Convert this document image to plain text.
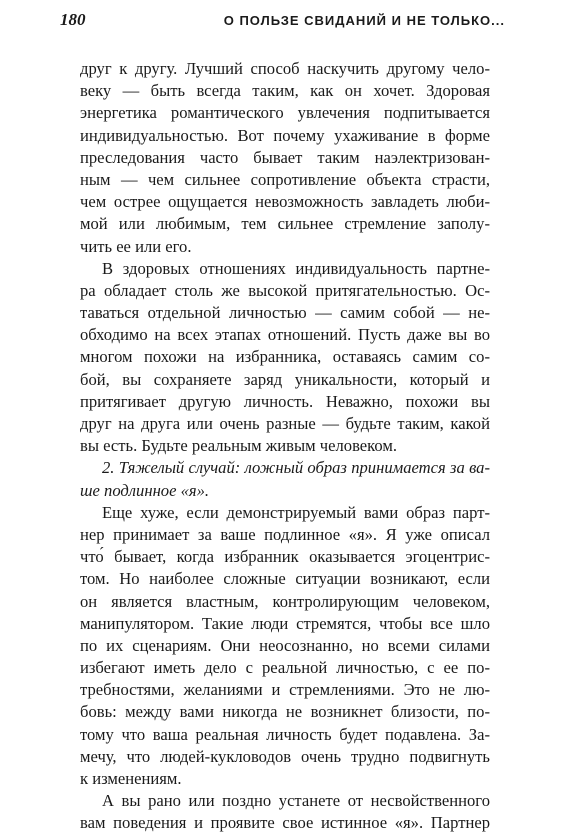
180	О ПОЛЬЗЕ СВИДАНИЙ И НЕ ТОЛЬКО...
друг к другу. Лучший способ наскучить другому чело-
веку — быть всегда таким, как он хочет. Здоровая
энергетика романтического увлечения подпитывается
индивидуальностью. Вот почему ухаживание в форме
преследования часто бывает таким наэлектризован-
ным — чем сильнее сопротивление объекта страсти,
чем острее ощущается невозможность завладеть люби-
мой или любимым, тем сильнее стремление заполу-
чить ее или его.
В здоровых отношениях индивидуальность партне-
ра обладает столь же высокой притягательностью. Ос-
таваться отдельной личностью — самим собой — не-
обходимо на всех этапах отношений. Пусть даже вы во
многом похожи на избранника, оставаясь самим со-
бой, вы сохраняете заряд уникальности, который и
притягивает другую личность. Неважно, похожи вы
друг на друга или очень разные — будьте таким, какой
вы есть. Будьте реальным живым человеком.
2. Тяжелый случай: ложный образ принимается за ва-
ше подлинное «я».
Еще хуже, если демонстрируемый вами образ парт-
нер принимает за ваше подлинное «я». Я уже описал
что́ бывает, когда избранник оказывается эгоцентрис-
том. Но наиболее сложные ситуации возникают, если
он является властным, контролирующим человеком,
манипулятором. Такие люди стремятся, чтобы все шло
по их сценариям. Они неосознанно, но всеми силами
избегают иметь дело с реальной личностью, с ее по-
требностями, желаниями и стремлениями. Это не лю-
бовь: между вами никогда не возникнет близости, по-
тому что ваша реальная личность будет подавлена. За-
мечу, что людей-кукловодов очень трудно подвигнуть
к изменениям.
А вы рано или поздно устанете от несвойственного
вам поведения и проявите свое истинное «я». Партнер
